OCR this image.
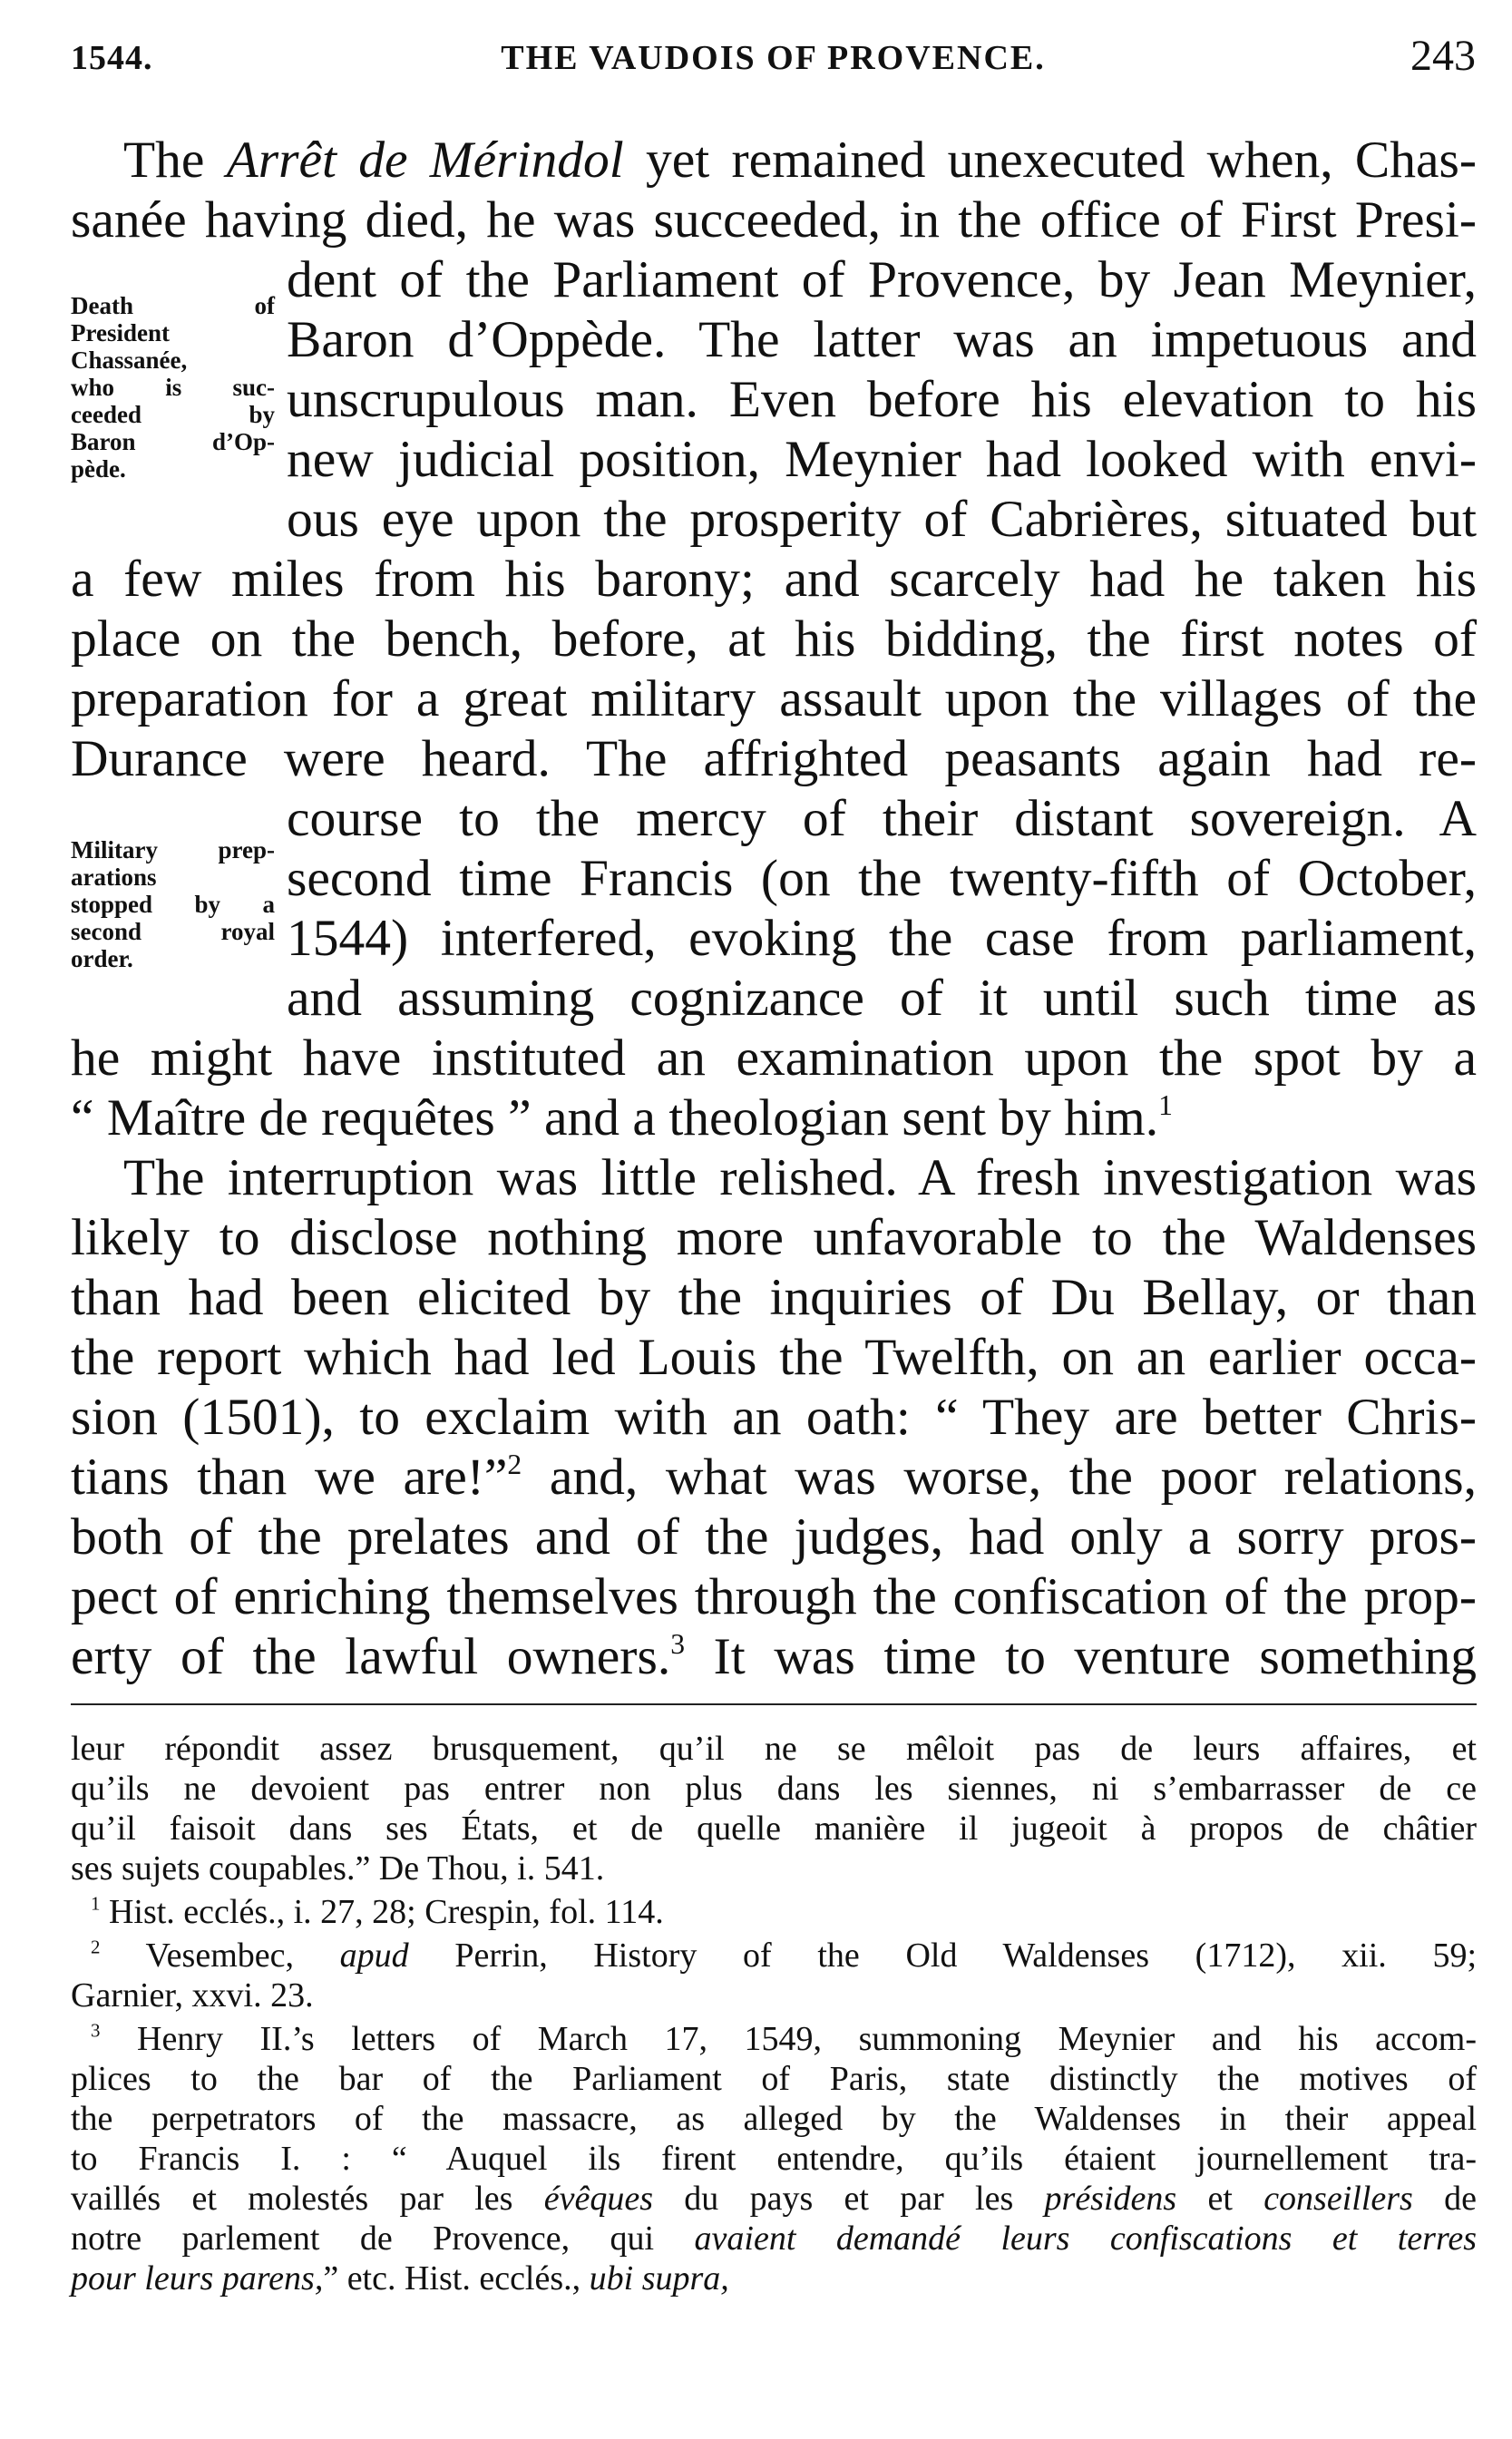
1544.	THE VAUDOIS OF PROVENCE.	243
Death of
President
Chassanée,
who is suc-
ceeded by
Baron d’Op-
pède.
Military prep-
arations
stopped by a
second royal
order.
The Arrêt de Mérindol yet remained unexecuted when, Chas-
sanée having died, he was succeeded, in the office of First Presi-
dent of the Parliament of Provence, by Jean Meynier,
Baron d’Oppède. The latter was an impetuous and
unscrupulous man. Even before his elevation to his
new judicial position, Meynier had looked with envi-
ous eye upon the prosperity of Cabrières, situated but
a few miles from his barony; and scarcely had he taken his
place on the bench, before, at his bidding, the first notes of
preparation for a great military assault upon the villages of the
Durance were heard. The affrighted peasants again had re-
course to the mercy of their distant sovereign. A
second time Francis (on the twenty-fifth of October,
1544) interfered, evoking the case from parliament,
and assuming cognizance of it until such time as
he might have instituted an examination upon the spot by a
“ Maître de requêtes ” and a theologian sent by him.$^1$
The interruption was little relished. A fresh investigation was
likely to disclose nothing more unfavorable to the Waldenses
than had been elicited by the inquiries of Du Bellay, or than
the report which had led Louis the Twelfth, on an earlier occa-
sion (1501), to exclaim with an oath: “ They are better Chris-
tians than we are!”$^2$ and, what was worse, the poor relations,
both of the prelates and of the judges, had only a sorry pros-
pect of enriching themselves through the confiscation of the prop-
erty of the lawful owners.$^3$ It was time to venture something
leur répondit assez brusquement, qu’il ne se mêloit pas de leurs affaires, et
qu’ils ne devoient pas entrer non plus dans les siennes, ni s’embarrasser de ce
qu’il faisoit dans ses États, et de quelle manière il jugeoit à propos de châtier
ses sujets coupables.” De Thou, i. 541.
$^1$ Hist. ecclés., i. 27, 28; Crespin, fol. 114.
$^2$ Vesembec, apud Perrin, History of the Old Waldenses (1712), xii. 59;
Garnier, xxvi. 23.
$^3$ Henry II.’s letters of March 17, 1549, summoning Meynier and his accom-
plices to the bar of the Parliament of Paris, state distinctly the motives of
the perpetrators of the massacre, as alleged by the Waldenses in their appeal
to Francis I. : “ Auquel ils firent entendre, qu’ils étaient journellement tra-
vaillés et molestés par les évêques du pays et par les présidens et conseillers de
notre parlement de Provence, qui avaient demandé leurs confiscations et terres
pour leurs parens,” etc. Hist. ecclés., ubi supra,
